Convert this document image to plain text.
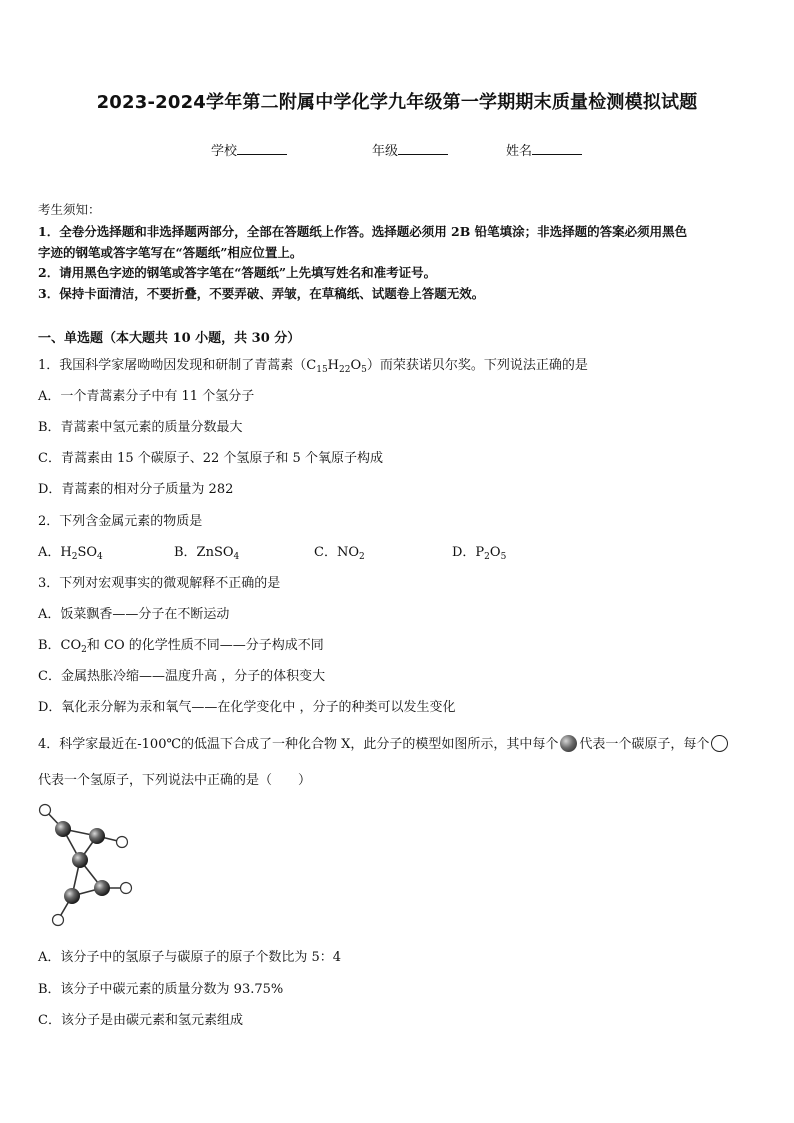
2023-2024学年第二附属中学化学九年级第一学期期末质量检测模拟试题
学校	年级	姓名
考生须知：
1．全卷分选择题和非选择题两部分，全部在答题纸上作答。选择题必须用 2B 铅笔填涂；非选择题的答案必须用黑色
字迹的钢笔或答字笔写在“答题纸”相应位置上。
2．请用黑色字迹的钢笔或答字笔在“答题纸”上先填写姓名和准考证号。
3．保持卡面清洁，不要折叠，不要弄破、弄皱，在草稿纸、试题卷上答题无效。
一、单选题（本大题共 10 小题，共 30 分）
1．我国科学家屠呦呦因发现和研制了青蒿素$(C_{15}H_{22}O_5)$而荣获诺贝尔奖。下列说法正确的是
A．一个青蒿素分子中有 11 个氢分子
B．青蒿素中氢元素的质量分数最大
C．青蒿素由 15 个碳原子、22 个氢原子和 5 个氧原子构成
D．青蒿素的相对分子质量为 282
2．下列含金属元素的物质是
A．$H_2SO_4$	B．ZnSO$_4$	C．$NO_2$	D．$P_2O_5$
3．下列对宏观事实的微观解释不正确的是
A．饭菜飘香——分子在不断运动
B．$CO_2$和 CO 的化学性质不同——分子构成不同
C．金属热胀冷缩——温度升高 ，分子的体积变大
D．氧化汞分解为汞和氧气——在化学变化中 ，分子的种类可以发生变化
4．科学家最近在-100℃的低温下合成了一种化合物 X，此分子的模型如图所示，其中每个 代表一个碳原子，每个
代表一个氢原子，下列说法中正确的是（　　）
A．该分子中的氢原子与碳原子的原子个数比为 5：4
B．该分子中碳元素的质量分数为 93.75%
C．该分子是由碳元素和氢元素组成
